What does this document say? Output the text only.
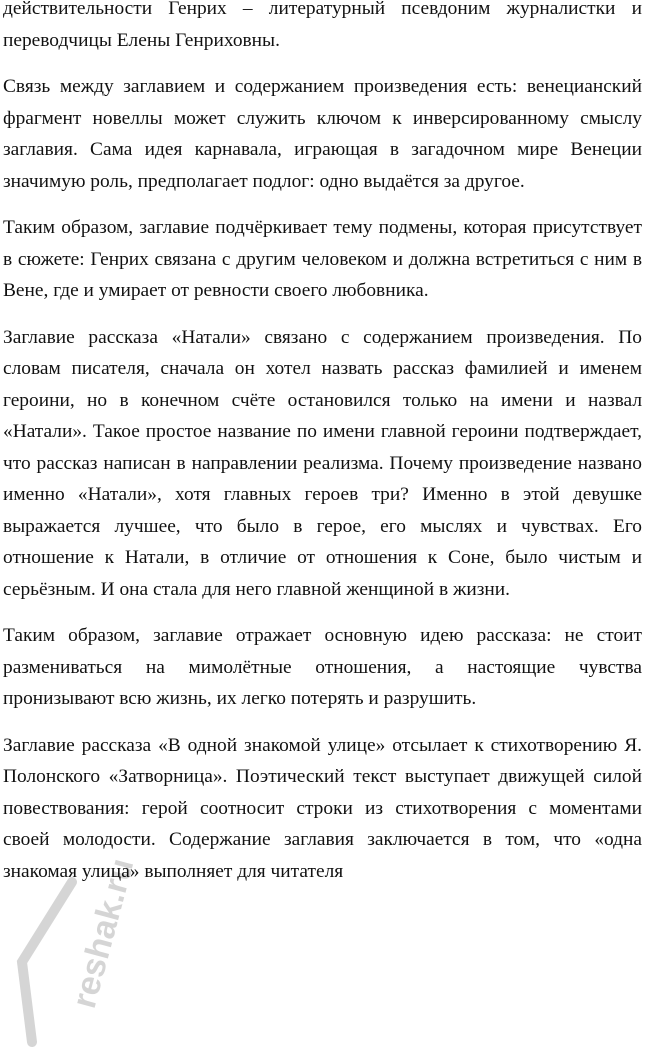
действительности Генрих – литературный псевдоним журналистки и переводчицы Елены Генриховны.

Связь между заглавием и содержанием произведения есть: венецианский фрагмент новеллы может служить ключом к инверсированному смыслу заглавия. Сама идея карнавала, играющая в загадочном мире Венеции значимую роль, предполагает подлог: одно выдаётся за другое.

Таким образом, заглавие подчёркивает тему подмены, которая присутствует в сюжете: Генрих связана с другим человеком и должна встретиться с ним в Вене, где и умирает от ревности своего любовника.

Заглавие рассказа «Натали» связано с содержанием произведения. По словам писателя, сначала он хотел назвать рассказ фамилией и именем героини, но в конечном счёте остановился только на имени и назвал «Натали». Такое простое название по имени главной героини подтверждает, что рассказ написан в направлении реализма. Почему произведение названо именно «Натали», хотя главных героев три? Именно в этой девушке выражается лучшее, что было в герое, его мыслях и чувствах. Его отношение к Натали, в отличие от отношения к Соне, было чистым и серьёзным. И она стала для него главной женщиной в жизни.

Таким образом, заглавие отражает основную идею рассказа: не стоит размениваться на мимолётные отношения, а настоящие чувства пронизывают всю жизнь, их легко потерять и разрушить.

Заглавие рассказа «В одной знакомой улице» отсылает к стихотворению Я. Полонского «Затворница». Поэтический текст выступает движущей силой повествования: герой соотносит строки из стихотворения с моментами своей молодости. Содержание заглавия заключается в том, что «одна знакомая улица» выполняет для читателя

reshak.ru
